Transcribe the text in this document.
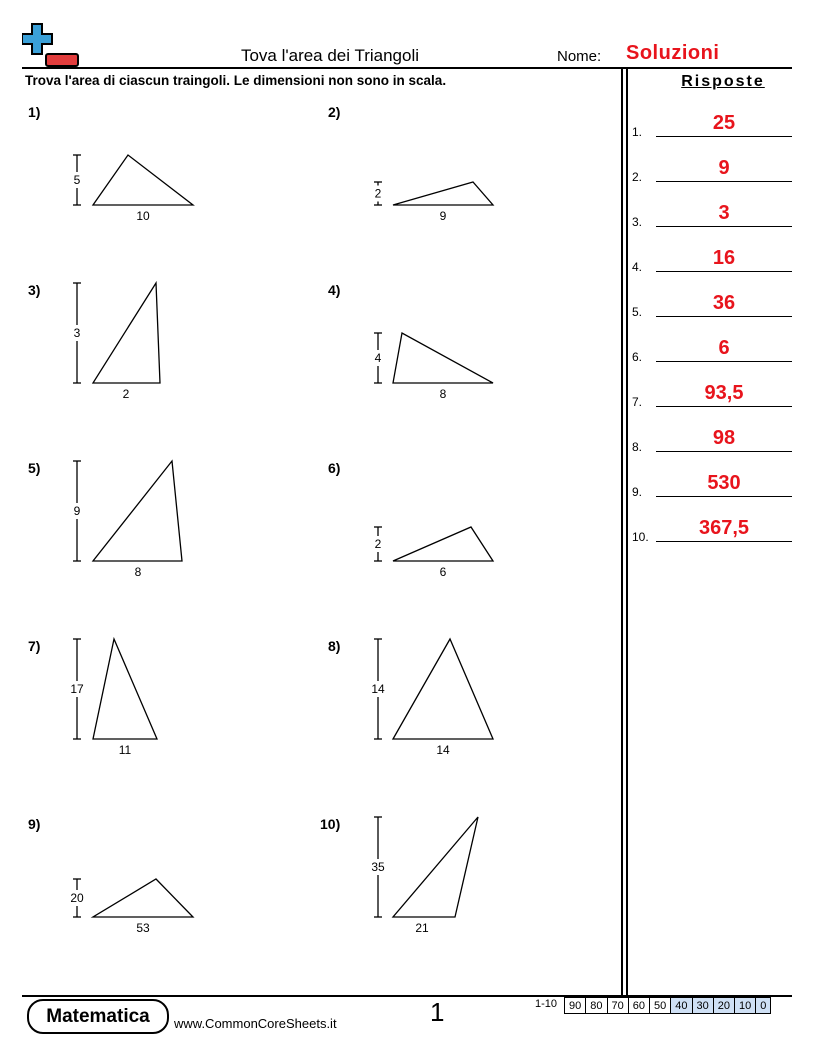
Tova l'area dei Triangoli	Nome: Soluzioni
Trova l'area di ciascun traingoli. Le dimensioni non sono in scala.	Risposte
1.	25
2.	9
3.	3
4.	16
5.	36
6.	6
7.	93,5
8.	98
9.	530
10.	367,5
1)	2)
3)	4)
5)	6)
7)	8)
9)	10)
5
10
2
9
3
2
4
8
9
8
2
6
17
11
14
14
20
53
35
21
Matematica	www.CommonCoreSheets.it	1	1-10 90	80	70	60	50	40	30	20	10	0
